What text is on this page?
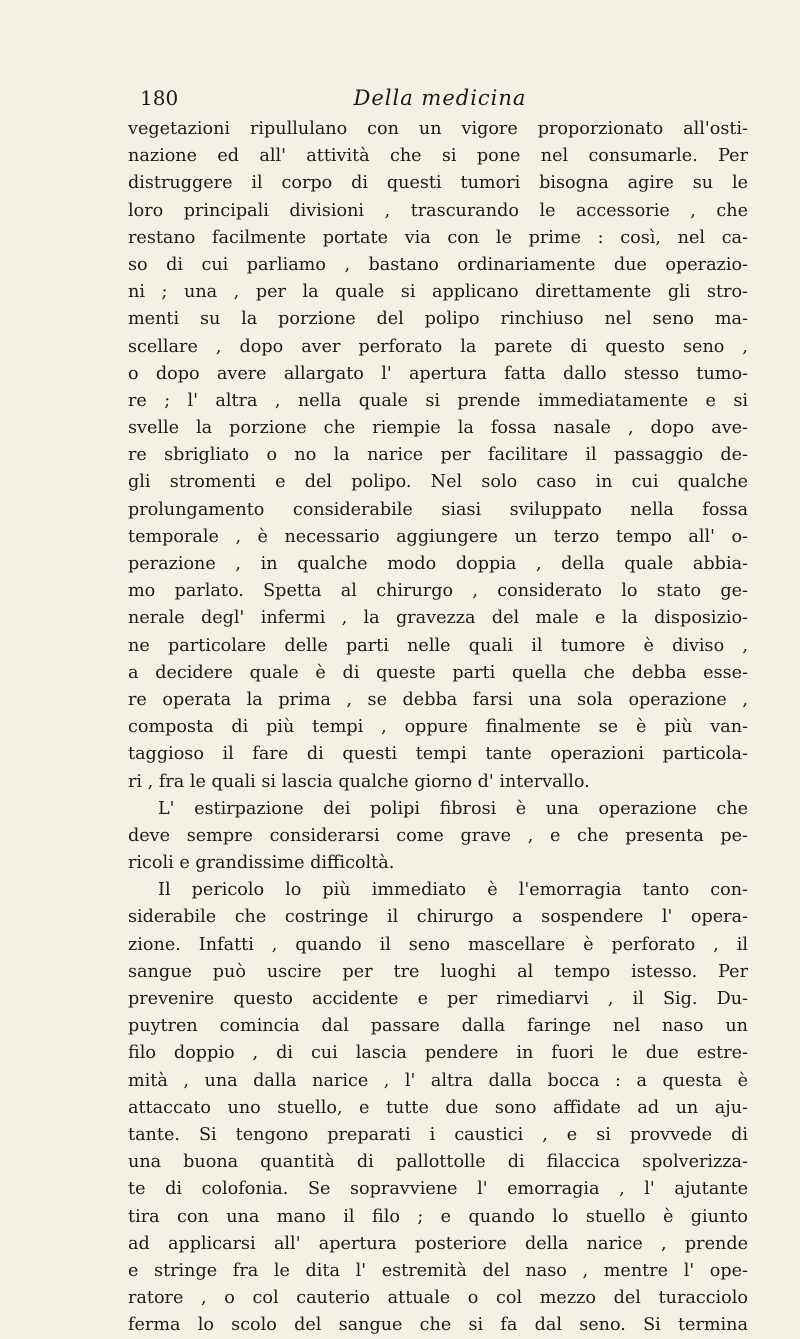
180	Della medicina
vegetazioni ripullulano con un vigore proporzionato all'osti-
nazione ed all' attività che si pone nel consumarle. Per
distruggere il corpo di questi tumori bisogna agire su le
loro principali divisioni , trascurando le accessorie , che
restano facilmente portate via con le prime : così, nel ca-
so di cui parliamo , bastano ordinariamente due operazio-
ni ; una , per la quale si applicano direttamente gli stro-
menti su la porzione del polipo rinchiuso nel seno ma-
scellare , dopo aver perforato la parete di questo seno ,
o dopo avere allargato l' apertura fatta dallo stesso tumo-
re ; l' altra , nella quale si prende immediatamente e si
svelle la porzione che riempie la fossa nasale , dopo ave-
re sbrigliato o no la narice per facilitare il passaggio de-
gli stromenti e del polipo. Nel solo caso in cui qualche
prolungamento considerabile siasi sviluppato nella fossa
temporale , è necessario aggiungere un terzo tempo all' o-
perazione , in qualche modo doppia , della quale abbia-
mo parlato. Spetta al chirurgo , considerato lo stato ge-
nerale degl' infermi , la gravezza del male e la disposizio-
ne particolare delle parti nelle quali il tumore è diviso ,
a decidere quale è di queste parti quella che debba esse-
re operata la prima , se debba farsi una sola operazione ,
composta di più tempi , oppure finalmente se è più van-
taggioso il fare di questi tempi tante operazioni particola-
ri , fra le quali si lascia qualche giorno d' intervallo.
L' estirpazione dei polipi fibrosi è una operazione che
deve sempre considerarsi come grave , e che presenta pe-
ricoli e grandissime difficoltà.
Il pericolo lo più immediato è l'emorragia tanto con-
siderabile che costringe il chirurgo a sospendere l' opera-
zione. Infatti , quando il seno mascellare è perforato , il
sangue può uscire per tre luoghi al tempo istesso. Per
prevenire questo accidente e per rimediarvi , il Sig. Du-
puytren comincia dal passare dalla faringe nel naso un
filo doppio , di cui lascia pendere in fuori le due estre-
mità , una dalla narice , l' altra dalla bocca : a questa è
attaccato uno stuello, e tutte due sono affidate ad un aju-
tante. Si tengono preparati i caustici , e si provvede di
una buona quantità di pallottolle di filaccica spolverizza-
te di colofonia. Se sopravviene l' emorragia , l' ajutante
tira con una mano il filo ; e quando lo stuello è giunto
ad applicarsi all' apertura posteriore della narice , prende
e stringe fra le dita l' estremità del naso , mentre l' ope-
ratore , o col cauterio attuale o col mezzo del turacciolo
ferma lo scolo del sangue che si fa dal seno. Si termina
